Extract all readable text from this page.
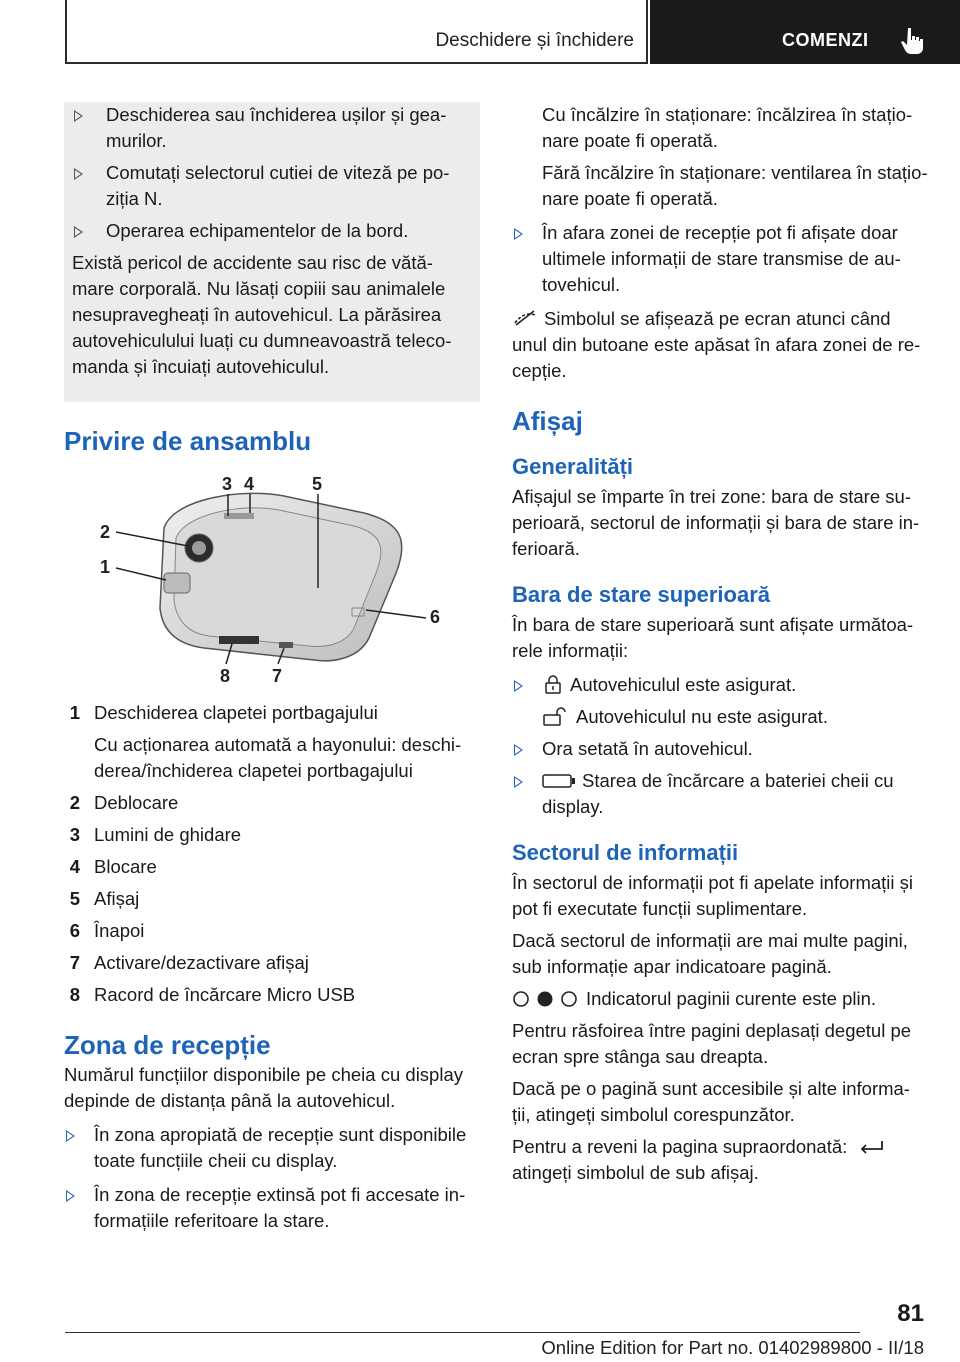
Deschidere și închidere	COMENZI
Deschiderea sau închiderea ușilor și gea-murilor.
Comutați selectorul cutiei de viteză pe po-ziția N.
Operarea echipamentelor de la bord.

Există pericol de accidente sau risc de vătă-mare corporală. Nu lăsați copiii sau animalele nesupravegheați în autovehicul. La părăsirea autovehiculului luați cu dumneavoastră teleco-manda și încuiați autovehiculul.

Privire de ansamblu
3 4	5
2
1
6
8 7
1 Deschiderea clapetei portbagajului
Cu acționarea automată a hayonului: deschi-derea/închiderea clapetei portbagajului
2 Deblocare
3 Lumini de ghidare
4 Blocare
5 Afișaj
6 Înapoi
7 Activare/dezactivare afișaj
8 Racord de încărcare Micro USB
Zona de recepție

Numărul funcțiilor disponibile pe cheia cu display depinde de distanța până la autovehicul.

În zona apropiată de recepție sunt disponibile toate funcțiile cheii cu display.
În zona de recepție extinsă pot fi accesate in-formațiile referitoare la stare.

Cu încălzire în staționare: încălzirea în stațio-
nare poate fi operată.

Fără încălzire în staționare: ventilarea în stațio-
nare poate fi operată.

În afara zonei de recepție pot fi afișate doar ultimele informații de stare transmise de au-tovehicul.

Simbolul se afișează pe ecran atunci când unul din butoane este apăsat în afara zonei de re-cepție.

Afișaj
Generalități

Afișajul se împarte în trei zone: bara de stare su-perioară, sectorul de informații și bara de stare in-ferioară.

Bara de stare superioară

În bara de stare superioară sunt afișate următoa-rele informații:

Autovehiculul este asigurat.
Autovehiculul nu este asigurat.
Ora setată în autovehicul.
Starea de încărcare a bateriei cheii cu display.
Sectorul de informații

În sectorul de informații pot fi apelate informații și pot fi executate funcții suplimentare.

Dacă sectorul de informații are mai multe pagini, sub informație apar indicatoare pagină.

Indicatorul paginii curente este plin.

Pentru răsfoirea între pagini deplasați degetul pe ecran spre stânga sau dreapta.

Dacă pe o pagină sunt accesibile și alte informa-ții, atingeți simbolul corespunzător.

Pentru a reveni la pagina supraordonată:
atingeți simbolul de sub afișaj.

81
Online Edition for Part no. 01402989800 - II/18
